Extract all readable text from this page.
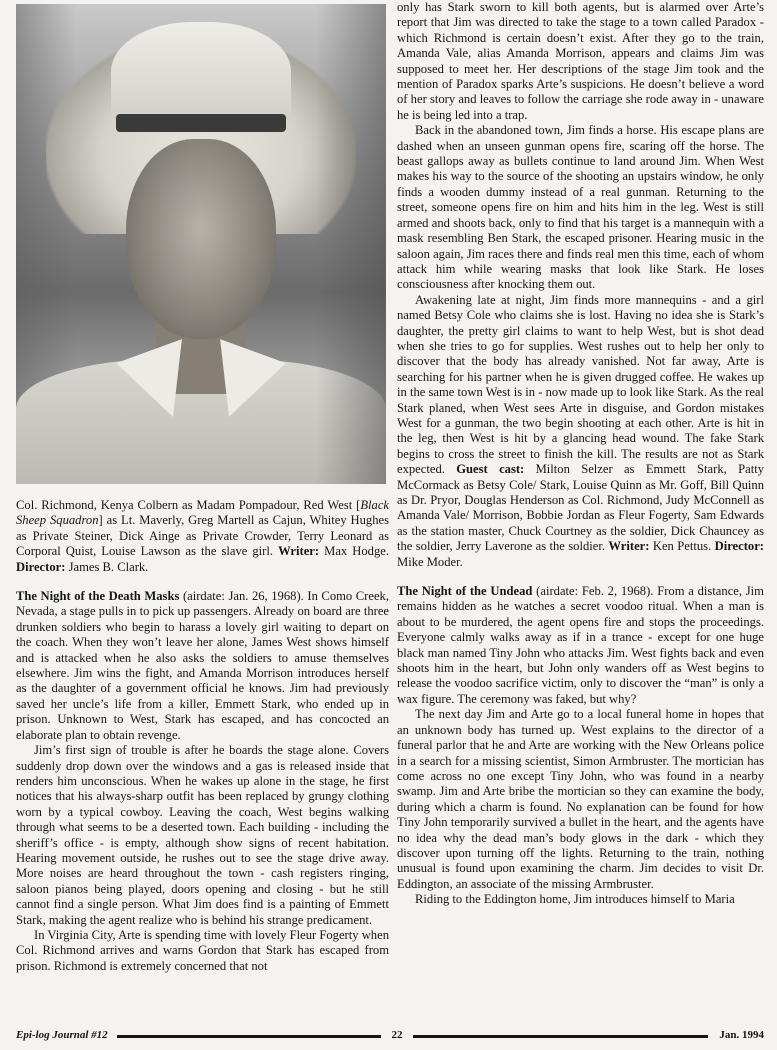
Col. Richmond, Kenya Colbern as Madam Pompadour, Red West [Black Sheep Squadron] as Lt. Maverly, Greg Martell as Cajun, Whitey Hughes as Private Steiner, Dick Ainge as Private Crowder, Terry Leonard as Corporal Quist, Louise Lawson as the slave girl. Writer: Max Hodge. Director: James B. Clark.

The Night of the Death Masks (airdate: Jan. 26, 1968). In Como Creek, Nevada, a stage pulls in to pick up passengers. Already on board are three drunken soldiers who begin to harass a lovely girl waiting to depart on the coach. When they won’t leave her alone, James West shows himself and is attacked when he also asks the soldiers to amuse themselves elsewhere. Jim wins the fight, and Amanda Morrison introduces herself as the daughter of a government official he knows. Jim had previously saved her uncle’s life from a killer, Emmett Stark, who ended up in prison. Unknown to West, Stark has escaped, and has concocted an elaborate plan to obtain revenge.

Jim’s first sign of trouble is after he boards the stage alone. Covers suddenly drop down over the windows and a gas is released inside that renders him unconscious. When he wakes up alone in the stage, he first notices that his always-sharp outfit has been replaced by grungy clothing worn by a typical cowboy. Leaving the coach, West begins walking through what seems to be a deserted town. Each building - including the sheriff’s office - is empty, although show signs of recent habitation. Hearing movement outside, he rushes out to see the stage drive away. More noises are heard throughout the town - cash registers ringing, saloon pianos being played, doors opening and closing - but he still cannot find a single person. What Jim does find is a painting of Emmett Stark, making the agent realize who is behind his strange predicament.

In Virginia City, Arte is spending time with lovely Fleur Fogerty when Col. Richmond arrives and warns Gordon that Stark has escaped from prison. Richmond is extremely concerned that not

only has Stark sworn to kill both agents, but is alarmed over Arte’s report that Jim was directed to take the stage to a town called Paradox - which Richmond is certain doesn’t exist. After they go to the train, Amanda Vale, alias Amanda Morrison, appears and claims Jim was supposed to meet her. Her descriptions of the stage Jim took and the mention of Paradox sparks Arte’s suspicions. He doesn’t believe a word of her story and leaves to follow the carriage she rode away in - unaware he is being led into a trap.

Back in the abandoned town, Jim finds a horse. His escape plans are dashed when an unseen gunman opens fire, scaring off the horse. The beast gallops away as bullets continue to land around Jim. When West makes his way to the source of the shooting an upstairs window, he only finds a wooden dummy instead of a real gunman. Returning to the street, someone opens fire on him and hits him in the leg. West is still armed and shoots back, only to find that his target is a mannequin with a mask resembling Ben Stark, the escaped prisoner. Hearing music in the saloon again, Jim races there and finds real men this time, each of whom attack him while wearing masks that look like Stark. He loses consciousness after knocking them out.

Awakening late at night, Jim finds more mannequins - and a girl named Betsy Cole who claims she is lost. Having no idea she is Stark’s daughter, the pretty girl claims to want to help West, but is shot dead when she tries to go for supplies. West rushes out to help her only to discover that the body has already vanished. Not far away, Arte is searching for his partner when he is given drugged coffee. He wakes up in the same town West is in - now made up to look like Stark. As the real Stark planed, when West sees Arte in disguise, and Gordon mistakes West for a gunman, the two begin shooting at each other. Arte is hit in the leg, then West is hit by a glancing head wound. The fake Stark begins to cross the street to finish the kill. The results are not as Stark expected. Guest cast: Milton Selzer as Emmett Stark, Patty McCormack as Betsy Cole/ Stark, Louise Quinn as Mr. Goff, Bill Quinn as Dr. Pryor, Douglas Henderson as Col. Richmond, Judy McConnell as Amanda Vale/ Morrison, Bobbie Jordan as Fleur Fogerty, Sam Edwards as the station master, Chuck Courtney as the soldier, Dick Chauncey as the soldier, Jerry Laverone as the soldier. Writer: Ken Pettus. Director: Mike Moder.

The Night of the Undead (airdate: Feb. 2, 1968). From a distance, Jim remains hidden as he watches a secret voodoo ritual. When a man is about to be murdered, the agent opens fire and stops the proceedings. Everyone calmly walks away as if in a trance - except for one huge black man named Tiny John who attacks Jim. West fights back and even shoots him in the heart, but John only wanders off as West begins to release the voodoo sacrifice victim, only to discover the “man” is only a wax figure. The ceremony was faked, but why?

The next day Jim and Arte go to a local funeral home in hopes that an unknown body has turned up. West explains to the director of a funeral parlor that he and Arte are working with the New Orleans police in a search for a missing scientist, Simon Armbruster. The mortician has come across no one except Tiny John, who was found in a nearby swamp. Jim and Arte bribe the mortician so they can examine the body, during which a charm is found. No explanation can be found for how Tiny John temporarily survived a bullet in the heart, and the agents have no idea why the dead man’s body glows in the dark - which they discover upon turning off the lights. Returning to the train, nothing unusual is found upon examining the charm. Jim decides to visit Dr. Eddington, an associate of the missing Armbruster.

Riding to the Eddington home, Jim introduces himself to Maria

Epi-log Journal #12	22	Jan. 1994
